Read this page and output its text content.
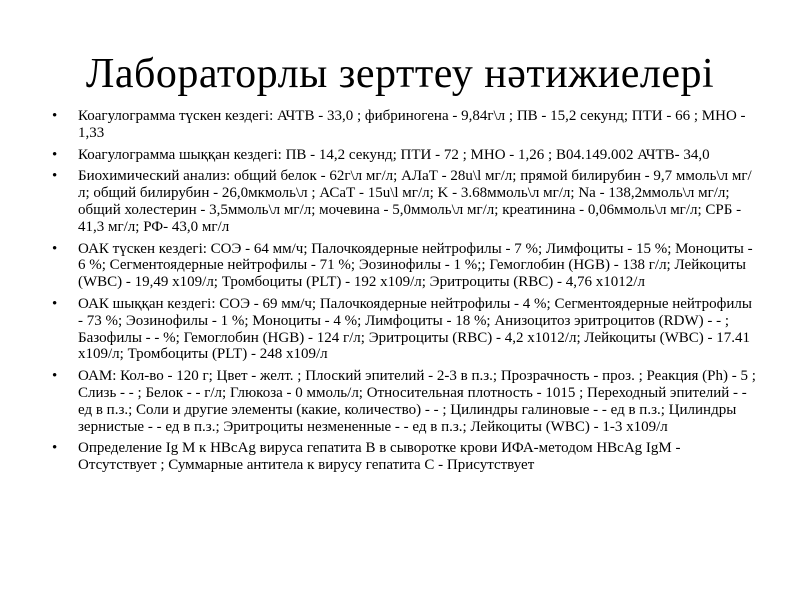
Лабораторлы зерттеу нәтижиелері
• Коагулограмма түскен кездегі: АЧТВ - 33,0 ; фибриногена - 9,84г\л ; ПВ - 15,2 секунд; ПТИ - 66 ; МНО - 1,33
• Коагулограмма шыққан кездегі: ПВ - 14,2 секунд; ПТИ - 72 ; МНО - 1,26 ; В04.149.002 АЧТВ- 34,0
• Биохимический анализ: общий белок - 62г\л мг/л; АЛаТ - 28u\l мг/л; прямой билирубин - 9,7 ммоль\л мг/л; общий билирубин - 26,0мкмоль\л ; АСаТ - 15u\l мг/л; K - 3.68ммоль\л мг/л; Na - 138,2ммоль\л мг/л; общий холестерин - 3,5ммоль\л мг/л; мочевина - 5,0ммоль\л мг/л; креатинина - 0,06ммоль\л мг/л; СРБ - 41,3 мг/л; РФ- 43,0 мг/л
• ОАК түскен кездегі: СОЭ - 64 мм/ч; Палочкоядерные нейтрофилы - 7 %; Лимфоциты - 15 %; Моноциты - 6 %; Сегментоядерные нейтрофилы - 71 %; Эозинофилы - 1 %;; Гемоглобин (HGB) - 138 г/л; Лейкоциты (WBC) - 19,49 х109/л; Тромбоциты (PLT) - 192 х109/л; Эритроциты (RBC) - 4,76 х1012/л
• ОАК шыққан кездегі: СОЭ - 69 мм/ч; Палочкоядерные нейтрофилы - 4 %; Сегментоядерные нейтрофилы - 73 %; Эозинофилы - 1 %; Моноциты - 4 %; Лимфоциты - 18 %; Анизоцитоз эритроцитов (RDW) - - ; Базофилы - - %; Гемоглобин (HGB) - 124 г/л; Эритроциты (RBC) - 4,2 х1012/л; Лейкоциты (WBC) - 17.41 х109/л; Тромбоциты (PLT) - 248 х109/л
• ОАМ: Кол-во - 120 г; Цвет - желт. ; Плоский эпителий - 2-3 в п.з.; Прозрачность - проз. ; Реакция (Ph) - 5 ; Слизь - - ; Белок - - г/л; Глюкоза - 0 ммоль/л; Относительная плотность - 1015 ; Переходный эпителий - - ед в п.з.; Соли и другие элементы (какие, количество) - - ; Цилиндры галиновые - - ед в п.з.; Цилиндры зернистые - - ед в п.з.; Эритроциты незмененные - - ед в п.з.; Лейкоциты (WBC) - 1-3 х109/л
• Определение Ig M к HBcAg вируса гепатита В в сыворотке крови ИФА-методом HBcAg IgM - Отсутствует ; Суммарные антитела к вирусу гепатита С - Присутствует
